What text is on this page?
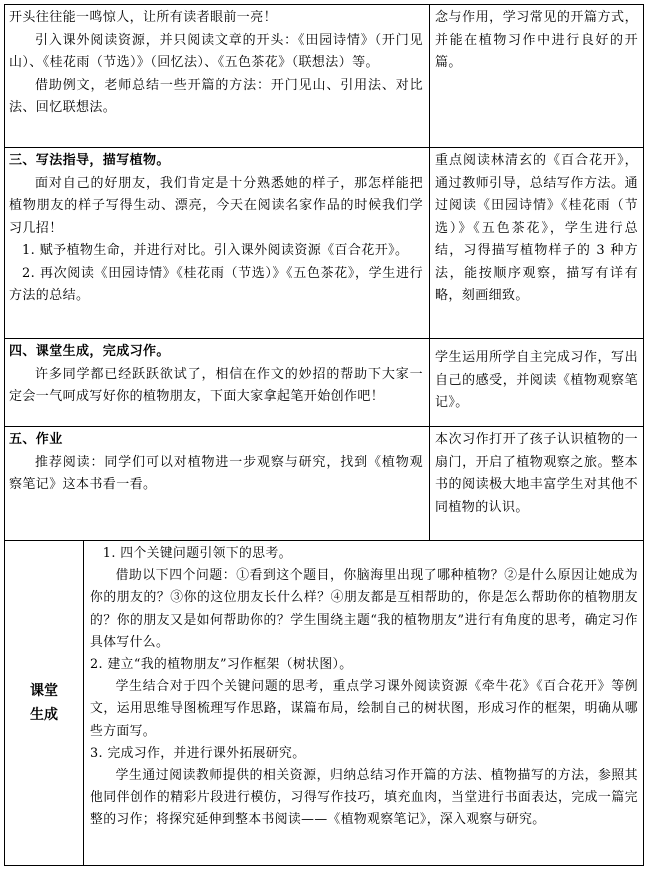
开头往往能一鸣惊人，让所有读者眼前一亮！

引入课外阅读资源，并只阅读文章的开头：《田园诗情》（开门见山）、《桂花雨（节选）》（回忆法）、《五色茶花》（联想法）等。

借助例文，老师总结一些开篇的方法：开门见山、引用法、对比法、回忆联想法。

念与作用，学习常见的开篇方式，并能在植物习作中进行良好的开篇。

三、写法指导，描写植物。

面对自己的好朋友，我们肯定是十分熟悉她的样子，那怎样能把植物朋友的样子写得生动、漂亮，今天在阅读名家作品的时候我们学习几招！

1. 赋予植物生命，并进行对比。引入课外阅读资源《百合花开》。

2. 再次阅读《田园诗情》《桂花雨（节选）》《五色茶花》，学生进行方法的总结。

重点阅读林清玄的《百合花开》，通过教师引导，总结写作方法。通过阅读《田园诗情》《桂花雨（节选）》《五色茶花》，学生进行总结，习得描写植物样子的 3 种方法，能按顺序观察，描写有详有略，刻画细致。

四、课堂生成，完成习作。

许多同学都已经跃跃欲试了，相信在作文的妙招的帮助下大家一定会一气呵成写好你的植物朋友，下面大家拿起笔开始创作吧！

学生运用所学自主完成习作，写出自己的感受，并阅读《植物观察笔记》。

五、作业

推荐阅读：同学们可以对植物进一步观察与研究，找到《植物观察笔记》这本书看一看。

本次习作打开了孩子认识植物的一扇门，开启了植物观察之旅。整本书的阅读极大地丰富学生对其他不同植物的认识。

课堂
生成

1. 四个关键问题引领下的思考。

借助以下四个问题：①看到这个题目，你脑海里出现了哪种植物？②是什么原因让她成为你的朋友的？③你的这位朋友长什么样？④朋友都是互相帮助的，你是怎么帮助你的植物朋友的？你的朋友又是如何帮助你的？学生围绕主题“我的植物朋友”进行有角度的思考，确定习作具体写什么。

2. 建立“我的植物朋友”习作框架（树状图）。

学生结合对于四个关键问题的思考，重点学习课外阅读资源《牵牛花》《百合花开》等例文，运用思维导图梳理写作思路，谋篇布局，绘制自己的树状图，形成习作的框架，明确从哪些方面写。

3. 完成习作，并进行课外拓展研究。

学生通过阅读教师提供的相关资源，归纳总结习作开篇的方法、植物描写的方法，参照其他同伴创作的精彩片段进行模仿，习得写作技巧，填充血肉，当堂进行书面表达，完成一篇完整的习作；将探究延伸到整本书阅读——《植物观察笔记》，深入观察与研究。
